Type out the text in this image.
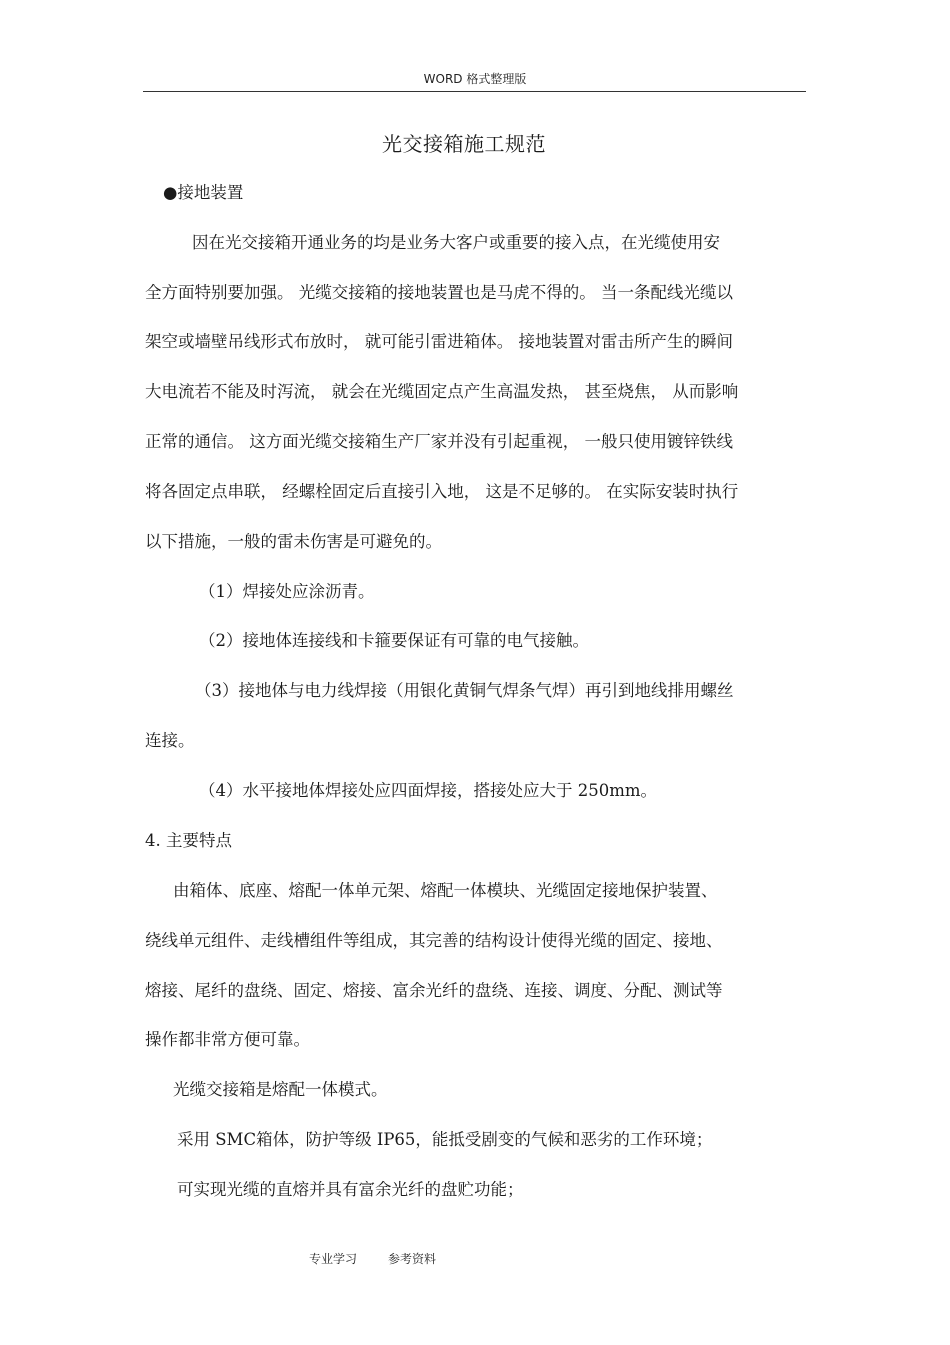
WORD 格式整理版
光交接箱施工规范
●接地装置
因在光交接箱开通业务的均是业务大客户或重要的接入点，在光缆使用安
全方面特别要加强。 光缆交接箱的接地装置也是马虎不得的。 当一条配线光缆以
架空或墙壁吊线形式布放时， 就可能引雷进箱体。 接地装置对雷击所产生的瞬间
大电流若不能及时泻流， 就会在光缆固定点产生高温发热， 甚至烧焦， 从而影响
正常的通信。 这方面光缆交接箱生产厂家并没有引起重视， 一般只使用镀锌铁线
将各固定点串联， 经螺栓固定后直接引入地， 这是不足够的。 在实际安装时执行
以下措施，一般的雷未伤害是可避免的。
（1）焊接处应涂沥青。
（2）接地体连接线和卡箍要保证有可靠的电气接触。
（3）接地体与电力线焊接（用银化黄铜气焊条气焊）再引到地线排用螺丝
连接。
（4）水平接地体焊接处应四面焊接，搭接处应大于 250mm。
4. 主要特点
由箱体、底座、熔配一体单元架、熔配一体模块、光缆固定接地保护装置、
绕线单元组件、走线槽组件等组成，其完善的结构设计使得光缆的固定、接地、
熔接、尾纤的盘绕、固定、熔接、富余光纤的盘绕、连接、调度、分配、测试等
操作都非常方便可靠。
光缆交接箱是熔配一体模式。
采用 SMC箱体，防护等级 IP65，能抵受剧变的气候和恶劣的工作环境；
可实现光缆的直熔并具有富余光纤的盘贮功能；
专业学习	参考资料
